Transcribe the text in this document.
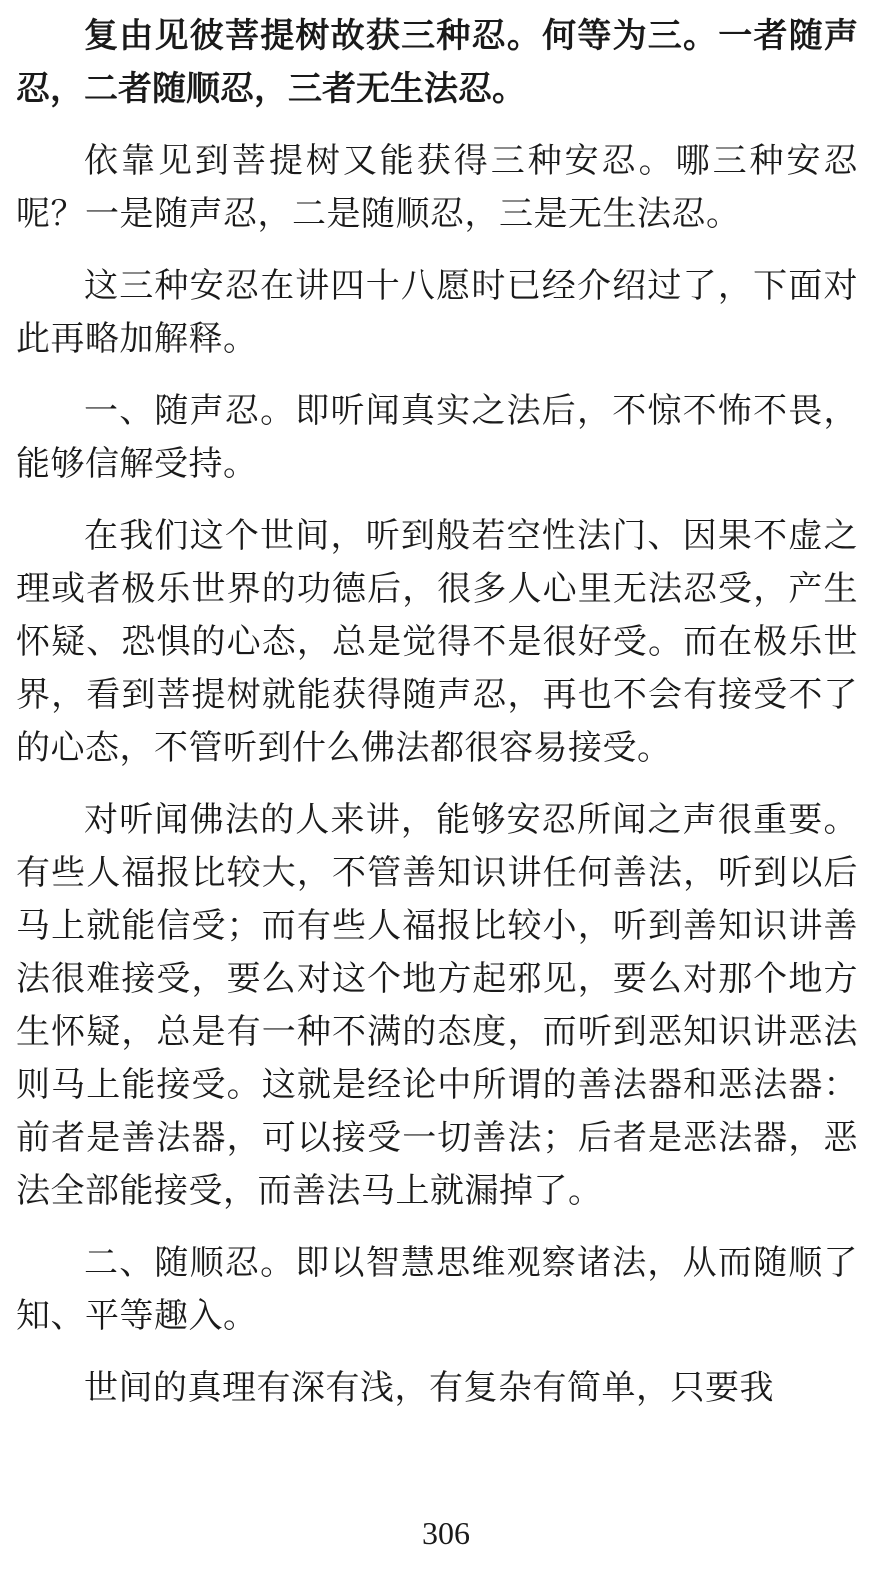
复由见彼菩提树故获三种忍。何等为三。一者随声忍，二者随顺忍，三者无生法忍。

依靠见到菩提树又能获得三种安忍。哪三种安忍呢？一是随声忍，二是随顺忍，三是无生法忍。

这三种安忍在讲四十八愿时已经介绍过了，下面对此再略加解释。

一、随声忍。即听闻真实之法后，不惊不怖不畏，能够信解受持。

在我们这个世间，听到般若空性法门、因果不虚之理或者极乐世界的功德后，很多人心里无法忍受，产生怀疑、恐惧的心态，总是觉得不是很好受。而在极乐世界，看到菩提树就能获得随声忍，再也不会有接受不了的心态，不管听到什么佛法都很容易接受。

对听闻佛法的人来讲，能够安忍所闻之声很重要。有些人福报比较大，不管善知识讲任何善法，听到以后马上就能信受；而有些人福报比较小，听到善知识讲善法很难接受，要么对这个地方起邪见，要么对那个地方生怀疑，总是有一种不满的态度，而听到恶知识讲恶法则马上能接受。这就是经论中所谓的善法器和恶法器：前者是善法器，可以接受一切善法；后者是恶法器，恶法全部能接受，而善法马上就漏掉了。

二、随顺忍。即以智慧思维观察诸法，从而随顺了知、平等趣入。

世间的真理有深有浅，有复杂有简单，只要我

306
